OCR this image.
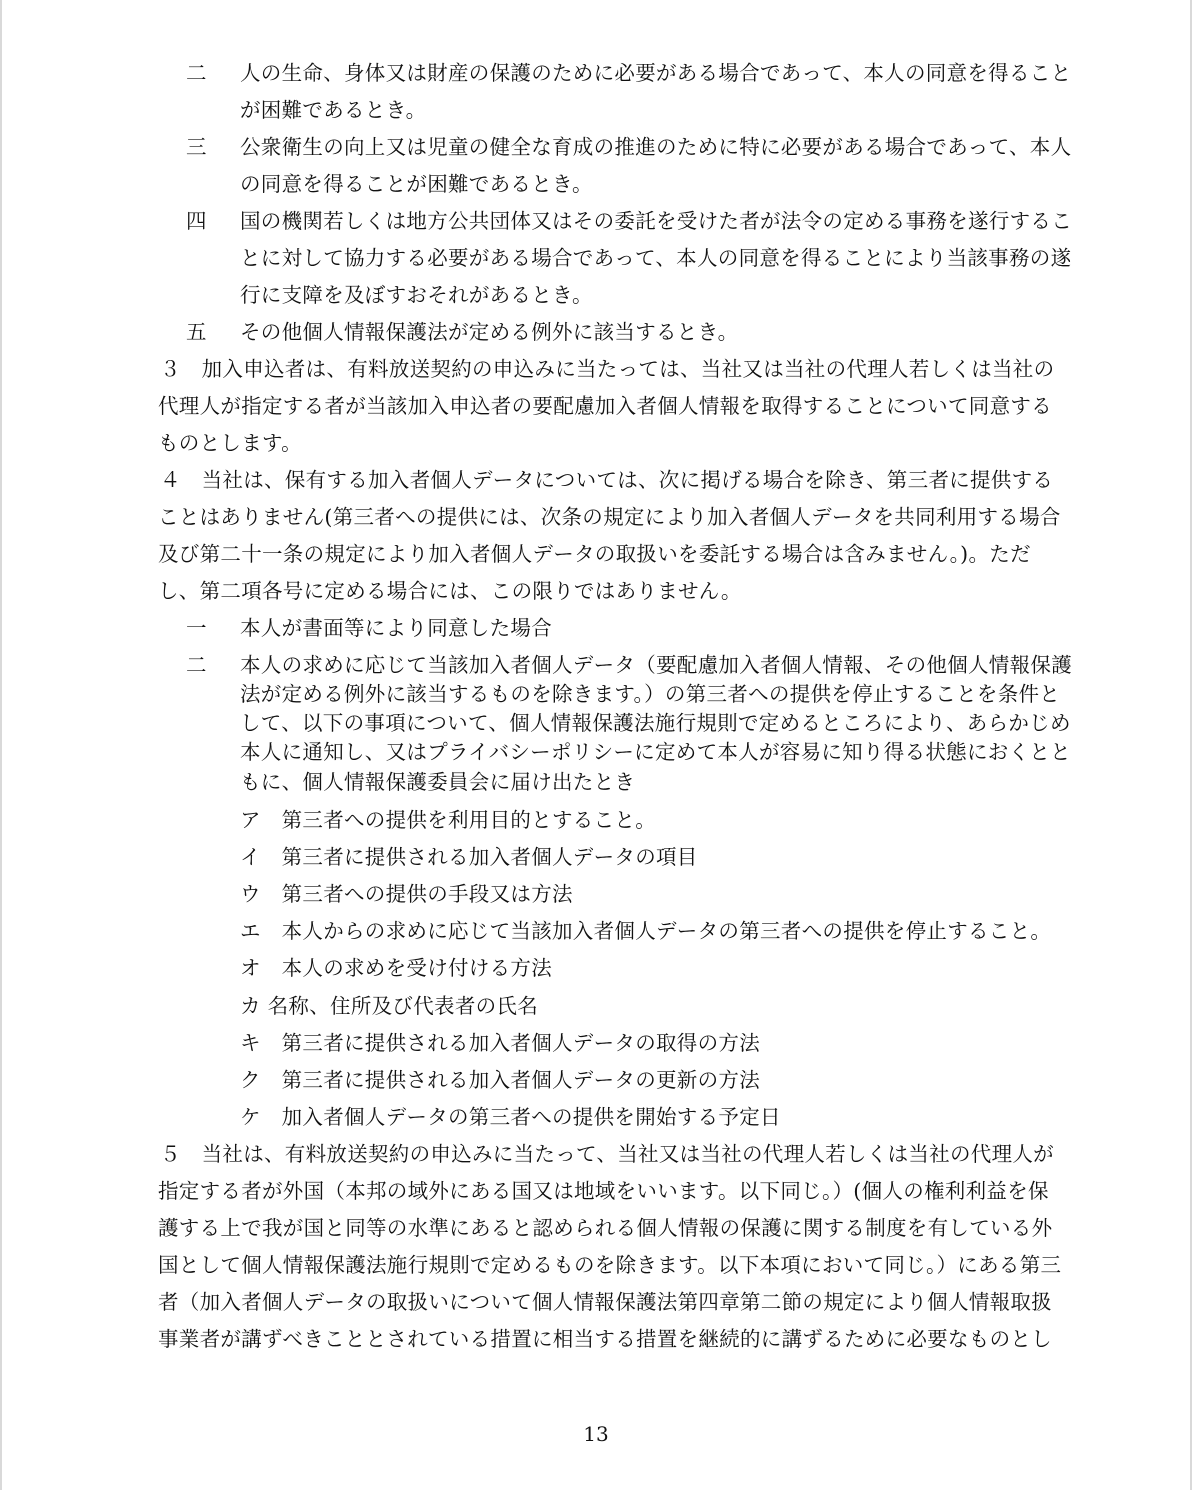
二 人の生命、身体又は財産の保護のために必要がある場合であって、本人の同意を得ること
が困難であるとき。
三 公衆衛生の向上又は児童の健全な育成の推進のために特に必要がある場合であって、本人
の同意を得ることが困難であるとき。
四 国の機関若しくは地方公共団体又はその委託を受けた者が法令の定める事務を遂行するこ
とに対して協力する必要がある場合であって、本人の同意を得ることにより当該事務の遂
行に支障を及ぼすおそれがあるとき。
五 その他個人情報保護法が定める例外に該当するとき。
３　加入申込者は、有料放送契約の申込みに当たっては、当社又は当社の代理人若しくは当社の
代理人が指定する者が当該加入申込者の要配慮加入者個人情報を取得することについて同意する
ものとします。
４　当社は、保有する加入者個人データについては、次に掲げる場合を除き、第三者に提供する
ことはありません(第三者への提供には、次条の規定により加入者個人データを共同利用する場合
及び第二十一条の規定により加入者個人データの取扱いを委託する場合は含みません。)。ただ
し、第二項各号に定める場合には、この限りではありません。
一 本人が書面等により同意した場合
二 本人の求めに応じて当該加入者個人データ（要配慮加入者個人情報、その他個人情報保護
法が定める例外に該当するものを除きます。）の第三者への提供を停止することを条件と
して、以下の事項について、個人情報保護法施行規則で定めるところにより、あらかじめ
本人に通知し、又はプライバシーポリシーに定めて本人が容易に知り得る状態におくとと
もに、個人情報保護委員会に届け出たとき
ア　第三者への提供を利用目的とすること。
イ　第三者に提供される加入者個人データの項目
ウ　第三者への提供の手段又は方法
エ　本人からの求めに応じて当該加入者個人データの第三者への提供を停止すること。
オ　本人の求めを受け付ける方法
カ 名称、住所及び代表者の氏名
キ　第三者に提供される加入者個人データの取得の方法
ク　第三者に提供される加入者個人データの更新の方法
ケ　加入者個人データの第三者への提供を開始する予定日
５　当社は、有料放送契約の申込みに当たって、当社又は当社の代理人若しくは当社の代理人が
指定する者が外国（本邦の域外にある国又は地域をいいます。以下同じ。）(個人の権利利益を保
護する上で我が国と同等の水準にあると認められる個人情報の保護に関する制度を有している外
国として個人情報保護法施行規則で定めるものを除きます。以下本項において同じ。）にある第三
者（加入者個人データの取扱いについて個人情報保護法第四章第二節の規定により個人情報取扱
事業者が講ずべきこととされている措置に相当する措置を継続的に講ずるために必要なものとし
13
